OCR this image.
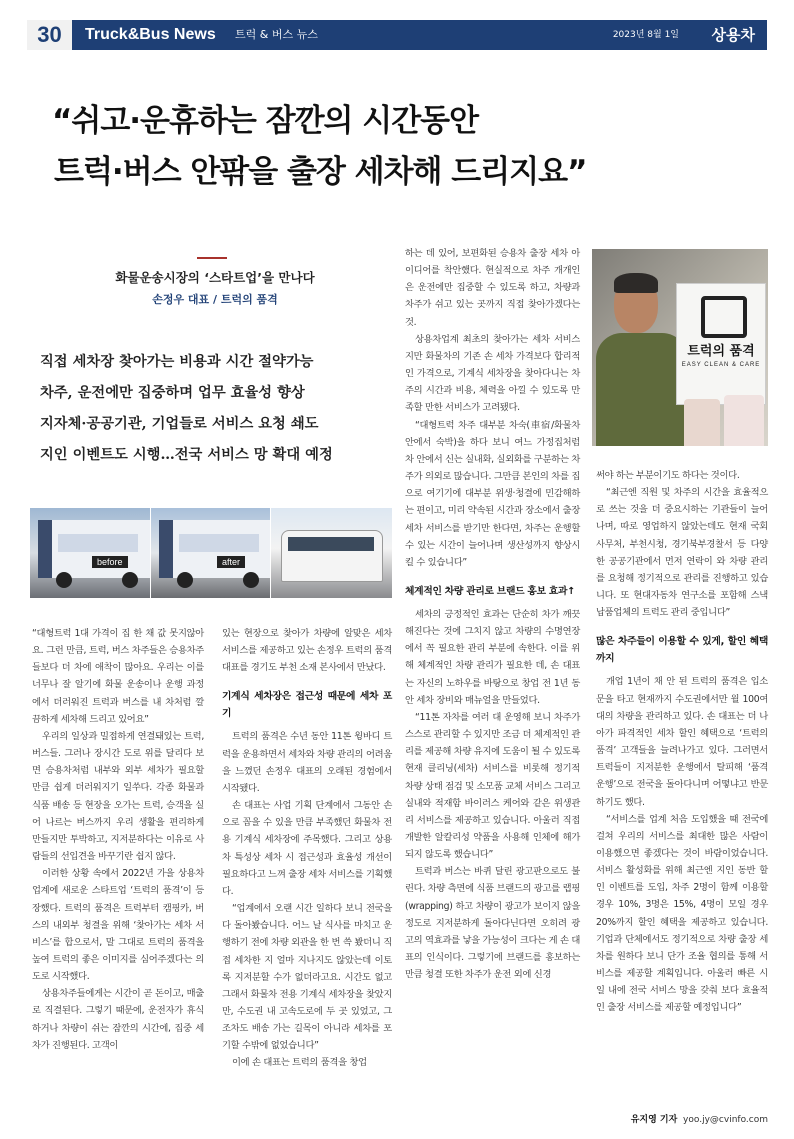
30	Truck&Bus News 트럭 & 버스 뉴스	2023년 8월 1일 상용차
“쉬고·운휴하는 잠깐의 시간동안
트럭·버스 안팎을 출장 세차해 드리지요”
화물운송시장의 ‘스타트업’을 만나다
손정우 대표 / 트럭의 품격
직접 세차장 찾아가는 비용과 시간 절약가능
차주, 운전에만 집중하며 업무 효율성 향상
지자체·공공기관, 기업들로 서비스 요청 쇄도
지인 이벤트도 시행…전국 서비스 망 확대 예정
before	after
트럭의 품격
EASY CLEAN & CARE

“대형트럭 1대 가격이 집 한 채 값 못지않아요. 그런 만큼, 트럭, 버스 차주들은 승용차주들보다 더 차에 애착이 많아요. 우리는 이를 너무나 잘 알기에 화물 운송이나 운행 과정에서 더러워진 트럭과 버스를 내 차처럼 깔끔하게 세차해 드리고 있어요”

우리의 일상과 밀접하게 연결돼있는 트럭, 버스들. 그러나 장시간 도로 위를 달리다 보면 승용차처럼 내부와 외부 세차가 필요할 만큼 쉽게 더러워지기 일쑤다. 각종 화물과 식품 배송 등 현장을 오가는 트럭, 승객을 실어 나르는 버스까지 우리 생활을 편리하게 만들지만 투박하고, 지저분하다는 이유로 사람들의 선입견을 바꾸기란 쉽지 않다.

이러한 상황 속에서 2022년 가을 상용차업계에 새로운 스타트업 ‘트럭의 품격’이 등장했다. 트럭의 품격은 트럭부터 캠핑카, 버스의 내외부 청결을 위해 ‘찾아가는 세차 서비스’를 합으로서, 말 그대로 트럭의 품격을 높여 트럭의 좋은 이미지를 심어주겠다는 의도로 시작했다.

상용차주들에게는 시간이 곧 돈이고, 매출로 직결된다. 그렇기 때문에, 운전자가 휴식하거나 차량이 쉬는 잠깐의 시간에, 집중 세차가 진행된다. 고객이

있는 현장으로 찾아가 차량에 알맞은 세차 서비스를 제공하고 있는 손정우 트럭의 품격 대표를 경기도 부천 소재 본사에서 만났다.

기계식 세차장은 접근성 때문에 세차 포기

트럭의 품격은 수년 동안 11톤 윙바디 트럭을 운용하면서 세차와 차량 관리의 어려움을 느꼈던 손정우 대표의 오래된 경험에서 시작됐다.

손 대표는 사업 기획 단계에서 그동안 손으로 꼽을 수 있을 만큼 부족했던 화물차 전용 기계식 세차장에 주목했다. 그리고 상용차 특성상 세차 시 접근성과 효율성 개선이 필요하다고 느껴 출장 세차 서비스를 기획했다.

“업계에서 오랜 시간 일하다 보니 전국을 다 돌아봤습니다. 어느 날 식사를 마치고 운행하기 전에 차량 외관을 한 번 쓱 봤더니 직접 세차한 지 얼마 지나지도 않았는데 이토록 지저분할 수가 없더라고요. 시간도 없고 그래서 화물차 전용 기계식 세차장을 찾았지만, 수도권 내 고속도로에 두 곳 있었고, 그조차도 배송 가는 길목이 아니라 세차를 포기할 수밖에 없었습니다”

이에 손 대표는 트럭의 품격을 창업

하는 데 있어, 보편화된 승용차 출장 세차 아이디어를 착안했다. 현실적으로 차주 개개인은 운전에만 집중할 수 있도록 하고, 차량과 차주가 쉬고 있는 곳까지 직접 찾아가겠다는 것.

상용차업계 최초의 찾아가는 세차 서비스지만 화물차의 기존 손 세차 가격보다 합리적인 가격으로, 기계식 세차장을 찾아다니는 차주의 시간과 비용, 체력을 아낄 수 있도록 만족할 만한 서비스가 고려됐다.

“대형트럭 차주 대부분 차숙(車宿/화물차 안에서 숙박)을 하다 보니 여느 가정집처럼 차 안에서 신는 실내화, 실외화를 구분하는 차주가 의외로 많습니다. 그만큼 본인의 차를 집으로 여기기에 대부분 위생·청결에 민감해하는 편이고, 미리 약속된 시간과 장소에서 출장 세차 서비스를 받기만 한다면, 차주는 운행할 수 있는 시간이 늘어나며 생산성까지 향상시킬 수 있습니다”

체계적인 차량 관리로 브랜드 홍보 효과↑

세차의 긍정적인 효과는 단순히 차가 깨끗해진다는 것에 그치지 않고 차량의 수명연장에서 꼭 필요한 관리 부분에 속한다. 이를 위해 체계적인 차량 관리가 필요한 데, 손 대표는 자신의 노하우를 바탕으로 창업 전 1년 동안 세차 장비와 매뉴얼을 만들었다.

“11톤 자차를 여러 대 운영해 보니 차주가 스스로 관리할 수 있지만 조금 더 체계적인 관리를 제공해 차량 유지에 도움이 될 수 있도록 현재 클리닝(세차) 서비스를 비롯해 정기적 차량 상태 점검 및 소모품 교체 서비스 그리고 실내와 적재함 바이러스 케어와 같은 위생관리 서비스를 제공하고 있습니다. 아울러 직접 개발한 알칼리성 약품을 사용해 인체에 해가 되지 않도록 했습니다”

트럭과 버스는 바퀴 달린 광고판으로도 불린다. 차량 측면에 식품 브랜드의 광고를 랩핑(wrapping) 하고 차량이 광고가 보이지 않을 정도로 지저분하게 돌아다닌다면 오히려 광고의 역효과를 낳을 가능성이 크다는 게 손 대표의 인식이다. 그렇기에 브랜드를 홍보하는 만큼 청결 또한 차주가 운전 외에 신경

써야 하는 부분이기도 하다는 것이다.

“최근엔 직원 및 차주의 시간을 효율적으로 쓰는 것을 더 중요시하는 기관들이 늘어나며, 따로 영업하지 않았는데도 현재 국회사무처, 부천시청, 경기북부경찰서 등 다양한 공공기관에서 먼저 연락이 와 차량 관리를 요청해 정기적으로 관리를 진행하고 있습니다. 또 현대자동차 연구소를 포함해 스낵 납품업체의 트럭도 관리 중입니다”

많은 차주들이 이용할 수 있게, 할인 혜택까지

개업 1년이 채 안 된 트럭의 품격은 입소문을 타고 현재까지 수도권에서만 월 100여 대의 차량을 관리하고 있다. 손 대표는 더 나아가 파격적인 세차 할인 혜택으로 ‘트럭의 품격’ 고객들을 늘려나가고 있다. 그러면서 트럭들이 지저분한 운행에서 탈피해 ‘품격 운행’으로 전국을 돌아다니며 어떻냐고 반문하기도 했다.

“서비스를 업계 처음 도입했을 때 전국에 걸쳐 우리의 서비스를 최대한 많은 사람이 이용했으면 좋겠다는 것이 바람이었습니다. 서비스 활성화를 위해 최근엔 지인 동반 할인 이벤트를 도입, 차주 2명이 함께 이용할 경우 10%, 3명은 15%, 4명이 모일 경우 20%까지 할인 혜택을 제공하고 있습니다. 기업과 단체에서도 정기적으로 차량 출장 세차를 원하다 보니 단가 조율 협의를 통해 서비스를 제공할 계획입니다. 아울러 빠른 시일 내에 전국 서비스 망을 갖춰 보다 효율적인 출장 서비스를 제공할 예정입니다”

유지영 기자 yoo.jy@cvinfo.com
